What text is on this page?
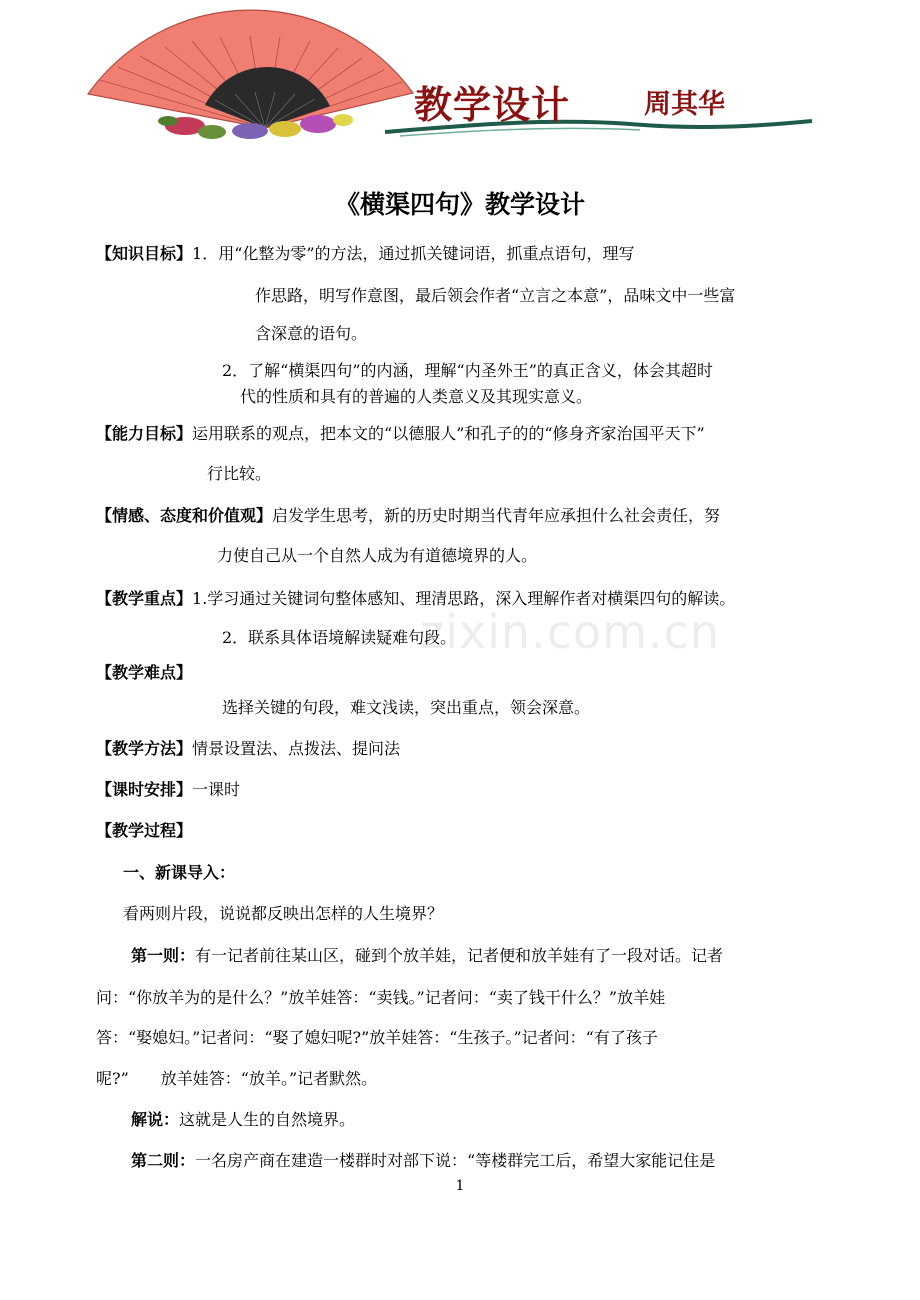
教学设计	周其华
《横渠四句》教学设计
【知识目标】1．用“化整为零”的方法，通过抓关键词语，抓重点语句，理写
作思路，明写作意图，最后领会作者“立言之本意”，品味文中一些富
含深意的语句。
2．了解“横渠四句”的内涵，理解“内圣外王”的真正含义，体会其超时
代的性质和具有的普遍的人类意义及其现实意义。
【能力目标】运用联系的观点，把本文的“以德服人”和孔子的的“修身齐家治国平天下”
行比较。
【情感、态度和价值观】启发学生思考，新的历史时期当代青年应承担什么社会责任，努
力使自己从一个自然人成为有道德境界的人。
【教学重点】1.学习通过关键词句整体感知、理清思路，深入理解作者对横渠四句的解读。
2．联系具体语境解读疑难句段。
【教学难点】
选择关键的句段，难文浅读，突出重点，领会深意。
【教学方法】情景设置法、点拨法、提问法
【课时安排】一课时
【教学过程】
一、新课导入：
看两则片段，说说都反映出怎样的人生境界？
第一则：有一记者前往某山区，碰到个放羊娃，记者便和放羊娃有了一段对话。记者
问：“你放羊为的是什么？”放羊娃答：“卖钱。”记者问：“卖了钱干什么？”放羊娃
答：“娶媳妇。”记者问：“娶了媳妇呢?”放羊娃答：“生孩子。”记者问：“有了孩子
呢?”　　放羊娃答：“放羊。”记者默然。
解说：这就是人生的自然境界。
第二则：一名房产商在建造一楼群时对部下说：“等楼群完工后，希望大家能记住是
zixin.com.cn
1
